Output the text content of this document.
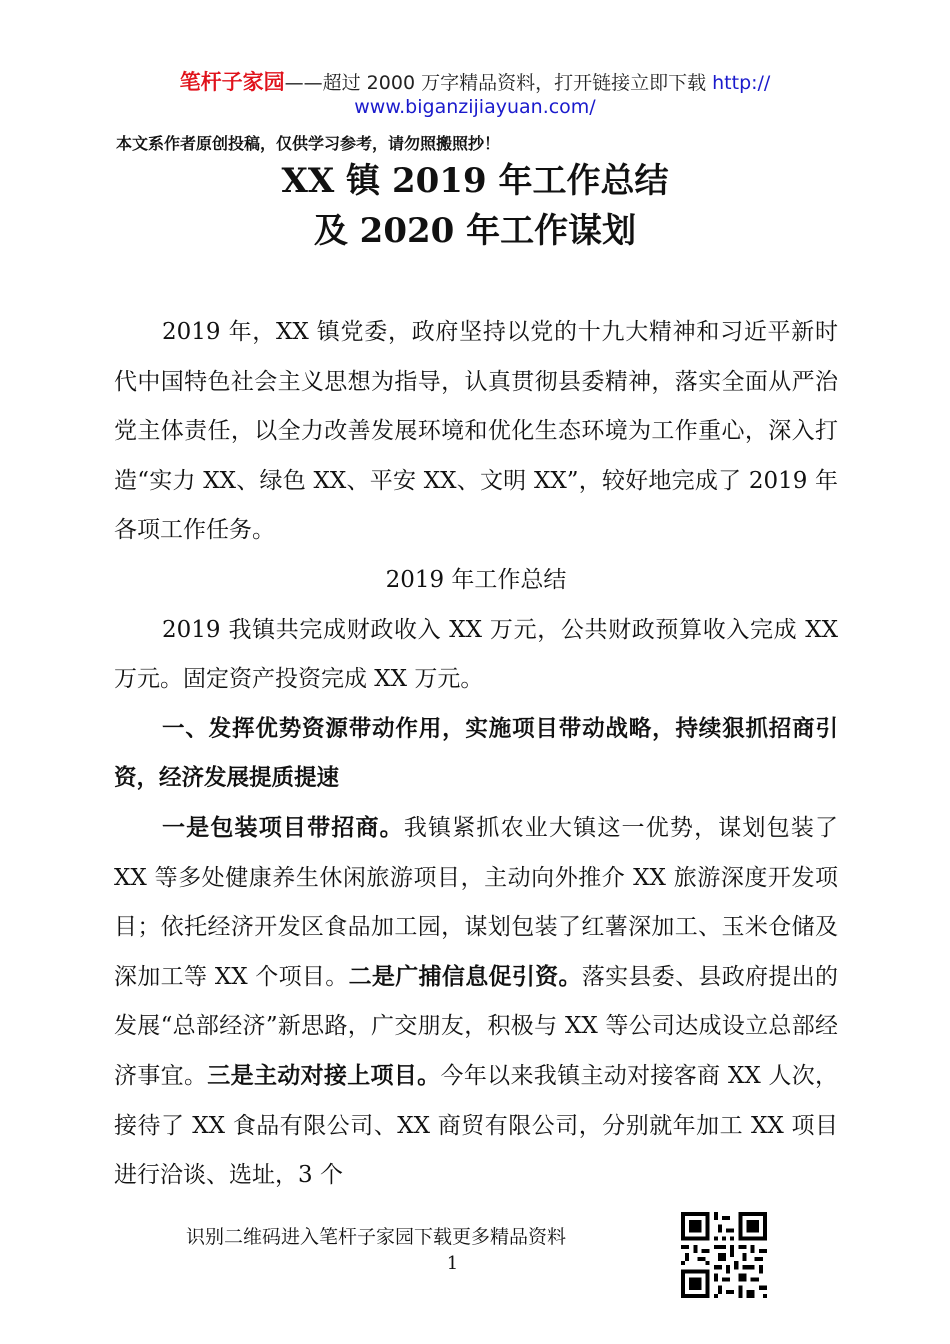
笔杆子家园——超过 2000 万字精品资料，打开链接立即下载 http://
www.biganzijiayuan.com/
本文系作者原创投稿，仅供学习参考，请勿照搬照抄！
XX 镇 2019 年工作总结
及 2020 年工作谋划

2019 年，XX 镇党委，政府坚持以党的十九大精神和习近平新时代中国特色社会主义思想为指导，认真贯彻县委精神，落实全面从严治党主体责任，以全力改善发展环境和优化生态环境为工作重心，深入打造“实力 XX、绿色 XX、平安 XX、文明 XX”，较好地完成了 2019 年各项工作任务。

2019 年工作总结

2019 我镇共完成财政收入 XX 万元，公共财政预算收入完成 XX 万元。固定资产投资完成 XX 万元。

一、发挥优势资源带动作用，实施项目带动战略，持续狠抓招商引资，经济发展提质提速

一是包装项目带招商。我镇紧抓农业大镇这一优势，谋划包装了 XX 等多处健康养生休闲旅游项目，主动向外推介 XX 旅游深度开发项目；依托经济开发区食品加工园，谋划包装了红薯深加工、玉米仓储及深加工等 XX 个项目。二是广捕信息促引资。落实县委、县政府提出的发展“总部经济”新思路，广交朋友，积极与 XX 等公司达成设立总部经济事宜。三是主动对接上项目。今年以来我镇主动对接客商 XX 人次，接待了 XX 食品有限公司、XX 商贸有限公司，分别就年加工 XX 项目进行洽谈、选址，3 个

识别二维码进入笔杆子家园下载更多精品资料
1
